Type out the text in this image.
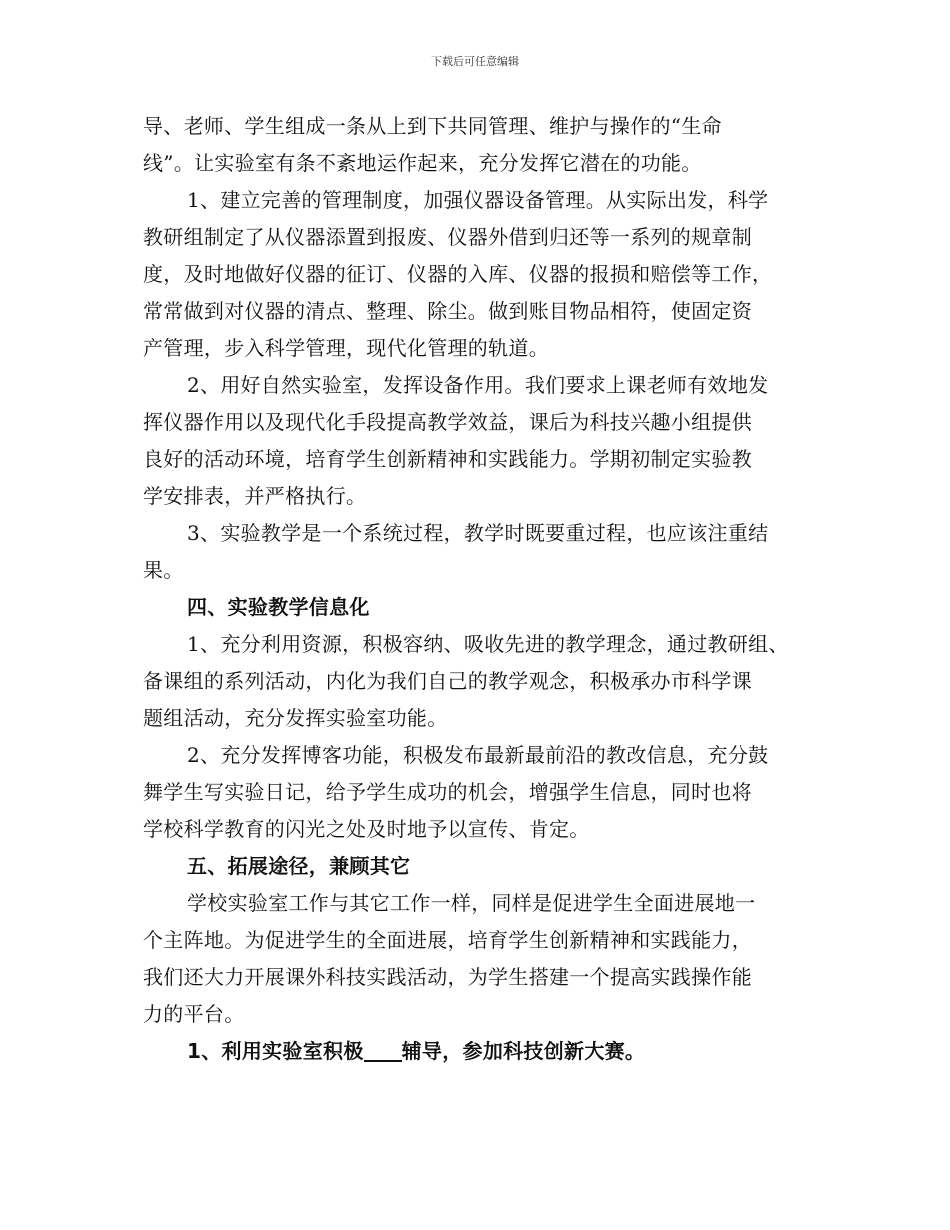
下载后可任意编辑
导、老师、学生组成一条从上到下共同管理、维护与操作的“生命
线”。让实验室有条不紊地运作起来，充分发挥它潜在的功能。
1、建立完善的管理制度，加强仪器设备管理。从实际出发，科学
教研组制定了从仪器添置到报废、仪器外借到归还等一系列的规章制
度，及时地做好仪器的征订、仪器的入库、仪器的报损和赔偿等工作，
常常做到对仪器的清点、整理、除尘。做到账目物品相符，使固定资
产管理，步入科学管理，现代化管理的轨道。
2、用好自然实验室，发挥设备作用。我们要求上课老师有效地发
挥仪器作用以及现代化手段提高教学效益，课后为科技兴趣小组提供
良好的活动环境，培育学生创新精神和实践能力。学期初制定实验教
学安排表，并严格执行。
3、实验教学是一个系统过程，教学时既要重过程，也应该注重结
果。
四、实验教学信息化
1、充分利用资源，积极容纳、吸收先进的教学理念，通过教研组、
备课组的系列活动，内化为我们自己的教学观念，积极承办市科学课
题组活动，充分发挥实验室功能。
2、充分发挥博客功能，积极发布最新最前沿的教改信息，充分鼓
舞学生写实验日记，给予学生成功的机会，增强学生信息，同时也将
学校科学教育的闪光之处及时地予以宣传、肯定。
五、拓展途径，兼顾其它
学校实验室工作与其它工作一样，同样是促进学生全面进展地一
个主阵地。为促进学生的全面进展，培育学生创新精神和实践能力，
我们还大力开展课外科技实践活动，为学生搭建一个提高实践操作能
力的平台。
1、利用实验室积极 辅导，参加科技创新大赛。
